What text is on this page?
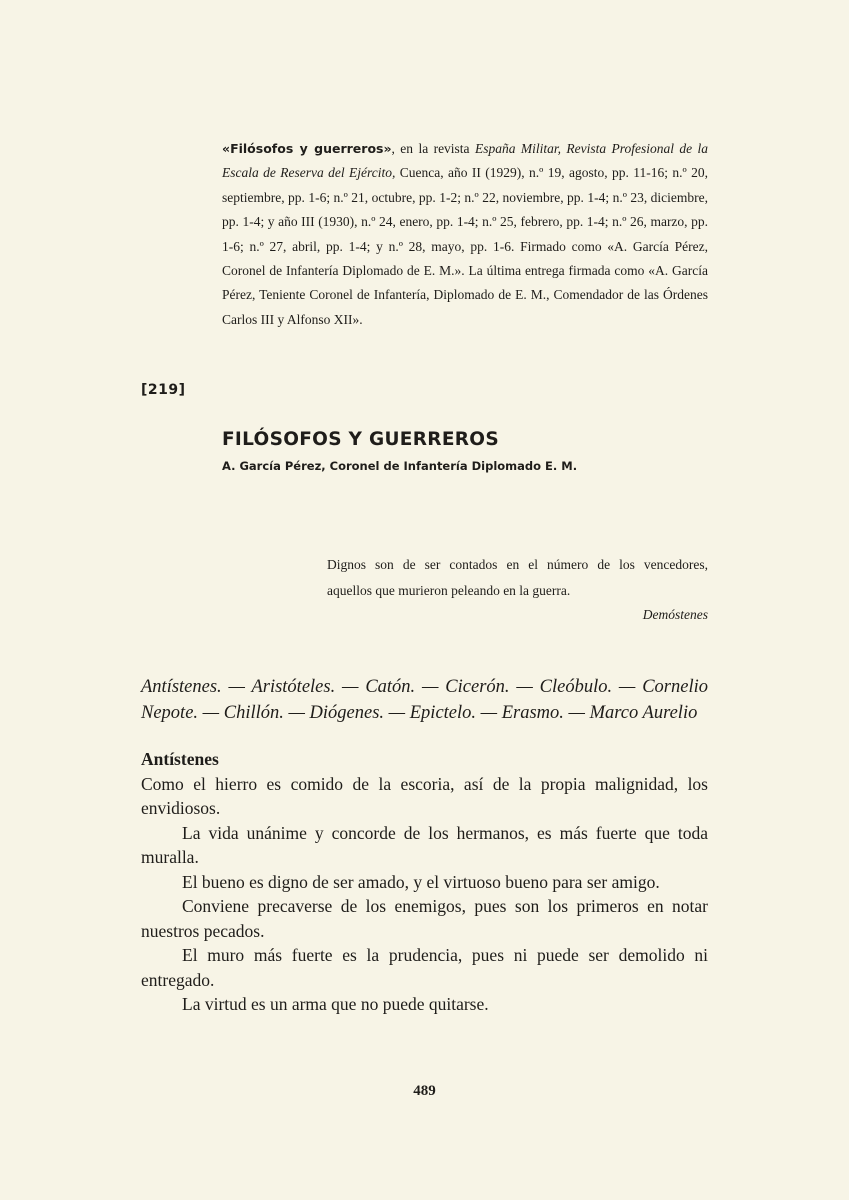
«Filósofos y guerreros», en la revista España Militar, Revista Profesional de la Escala de Reserva del Ejército, Cuenca, año II (1929), n.º 19, agosto, pp. 11-16; n.º 20, septiembre, pp. 1-6; n.º 21, octubre, pp. 1-2; n.º 22, noviembre, pp. 1-4; n.º 23, diciembre, pp. 1-4; y año III (1930), n.º 24, enero, pp. 1-4; n.º 25, febrero, pp. 1-4; n.º 26, marzo, pp. 1-6; n.º 27, abril, pp. 1-4; y n.º 28, mayo, pp. 1-6. Firmado como «A. García Pérez, Coronel de Infantería Diplomado de E. M.». La última entrega firmada como «A. García Pérez, Teniente Coronel de Infantería, Diplomado de E. M., Comendador de las Órdenes Carlos III y Alfonso XII».
[219]
FILÓSOFOS Y GUERREROS
A. García Pérez, Coronel de Infantería Diplomado E. M.
Dignos son de ser contados en el número de los vencedores,
aquellos que murieron peleando en la guerra.
Demóstenes
Antístenes. — Aristóteles. — Catón. — Cicerón. — Cleóbulo. — Cornelio Nepote. — Chillón. — Diógenes. — Epictelo. — Erasmo. — Marco Aurelio
Antístenes

Como el hierro es comido de la escoria, así de la propia malignidad, los envidiosos.

La vida unánime y concorde de los hermanos, es más fuerte que toda muralla.

El bueno es digno de ser amado, y el virtuoso bueno para ser amigo.

Conviene precaverse de los enemigos, pues son los primeros en notar nuestros pecados.

El muro más fuerte es la prudencia, pues ni puede ser demolido ni entregado.

La virtud es un arma que no puede quitarse.

489
